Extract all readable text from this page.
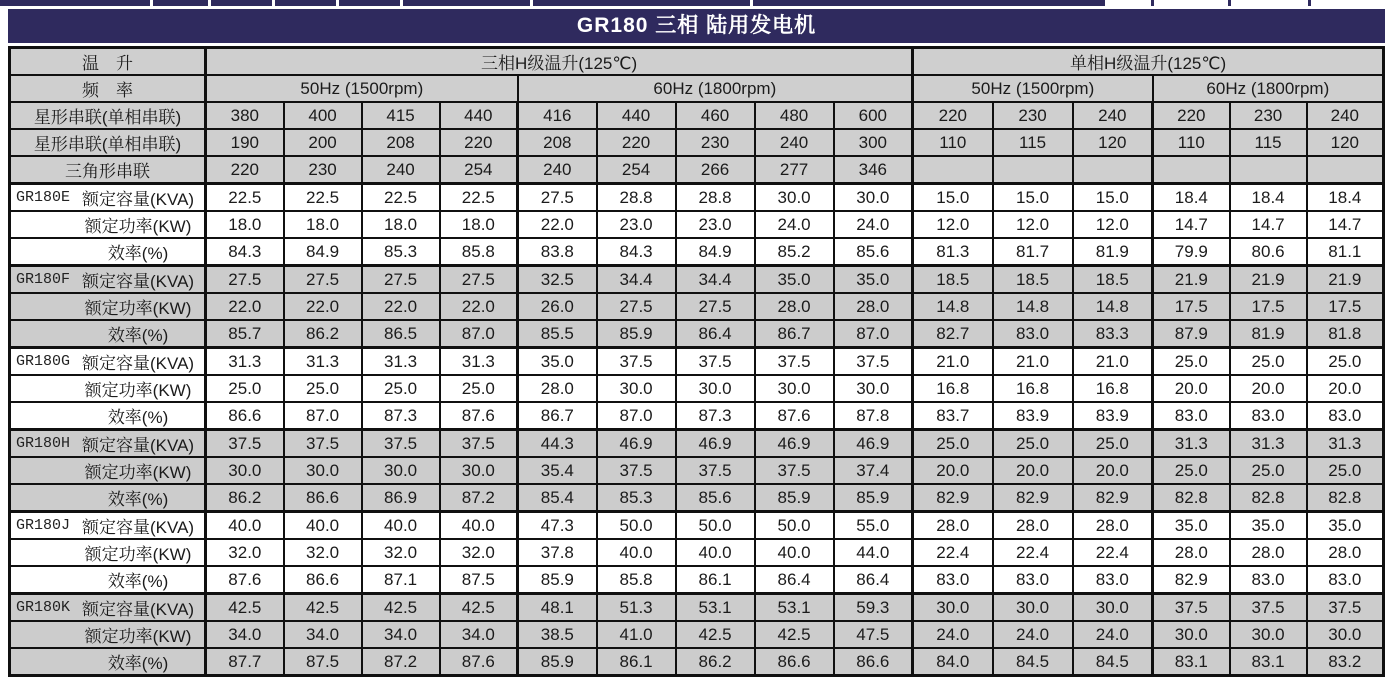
GR180 三相 陆用发电机
温　升	三相H级温升(125℃)									单相H级温升(125℃)					
频　率	50Hz (1500rpm)				60Hz (1800rpm)					50Hz (1500rpm)			60Hz (1800rpm)		
星形串联(单相串联)	380	400	415	440	416	440	460	480	600	220	230	240	220	230	240
星形串联(单相串联)	190	200	208	220	208	220	230	240	300	110	115	120	110	115	120
三角形串联	220	230	240	254	240	254	266	277	346						

GR180E 额定容量(KVA)	22.5	22.5	22.5	22.5	27.5	28.8	28.8	30.0	30.0	15.0	15.0	15.0	18.4	18.4	18.4

额定功率(KW)	18.0	18.0	18.0	18.0	22.0	23.0	23.0	24.0	24.0	12.0	12.0	12.0	14.7	14.7	14.7

效率(%)	84.3	84.9	85.3	85.8	83.8	84.3	84.9	85.2	85.6	81.3	81.7	81.9	79.9	80.6	81.1

GR180F 额定容量(KVA)	27.5	27.5	27.5	27.5	32.5	34.4	34.4	35.0	35.0	18.5	18.5	18.5	21.9	21.9	21.9

额定功率(KW)	22.0	22.0	22.0	22.0	26.0	27.5	27.5	28.0	28.0	14.8	14.8	14.8	17.5	17.5	17.5

效率(%)	85.7	86.2	86.5	87.0	85.5	85.9	86.4	86.7	87.0	82.7	83.0	83.3	87.9	81.9	81.8

GR180G 额定容量(KVA)	31.3	31.3	31.3	31.3	35.0	37.5	37.5	37.5	37.5	21.0	21.0	21.0	25.0	25.0	25.0

额定功率(KW)	25.0	25.0	25.0	25.0	28.0	30.0	30.0	30.0	30.0	16.8	16.8	16.8	20.0	20.0	20.0

效率(%)	86.6	87.0	87.3	87.6	86.7	87.0	87.3	87.6	87.8	83.7	83.9	83.9	83.0	83.0	83.0

GR180H 额定容量(KVA)	37.5	37.5	37.5	37.5	44.3	46.9	46.9	46.9	46.9	25.0	25.0	25.0	31.3	31.3	31.3

额定功率(KW)	30.0	30.0	30.0	30.0	35.4	37.5	37.5	37.5	37.4	20.0	20.0	20.0	25.0	25.0	25.0

效率(%)	86.2	86.6	86.9	87.2	85.4	85.3	85.6	85.9	85.9	82.9	82.9	82.9	82.8	82.8	82.8

GR180J 额定容量(KVA)	40.0	40.0	40.0	40.0	47.3	50.0	50.0	50.0	55.0	28.0	28.0	28.0	35.0	35.0	35.0

额定功率(KW)	32.0	32.0	32.0	32.0	37.8	40.0	40.0	40.0	44.0	22.4	22.4	22.4	28.0	28.0	28.0

效率(%)	87.6	86.6	87.1	87.5	85.9	85.8	86.1	86.4	86.4	83.0	83.0	83.0	82.9	83.0	83.0

GR180K 额定容量(KVA)	42.5	42.5	42.5	42.5	48.1	51.3	53.1	53.1	59.3	30.0	30.0	30.0	37.5	37.5	37.5

额定功率(KW)	34.0	34.0	34.0	34.0	38.5	41.0	42.5	42.5	47.5	24.0	24.0	24.0	30.0	30.0	30.0

效率(%)	87.7	87.5	87.2	87.6	85.9	86.1	86.2	86.6	86.6	84.0	84.5	84.5	83.1	83.1	83.2
